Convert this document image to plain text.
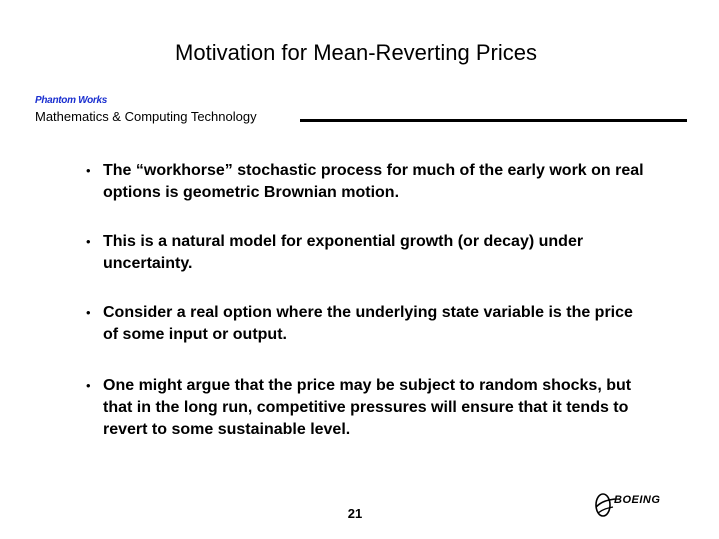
Motivation for Mean-Reverting Prices
Phantom Works
Mathematics & Computing Technology
• The “workhorse” stochastic process for much of the early work on real options is geometric Brownian motion.
• This is a natural model for exponential growth (or decay) under uncertainty.
• Consider a real option where the underlying state variable is the price of some input or output.
• One might argue that the price may be subject to random shocks, but that in the long run, competitive pressures will ensure that it tends to revert to some sustainable level.
21
BOEING
